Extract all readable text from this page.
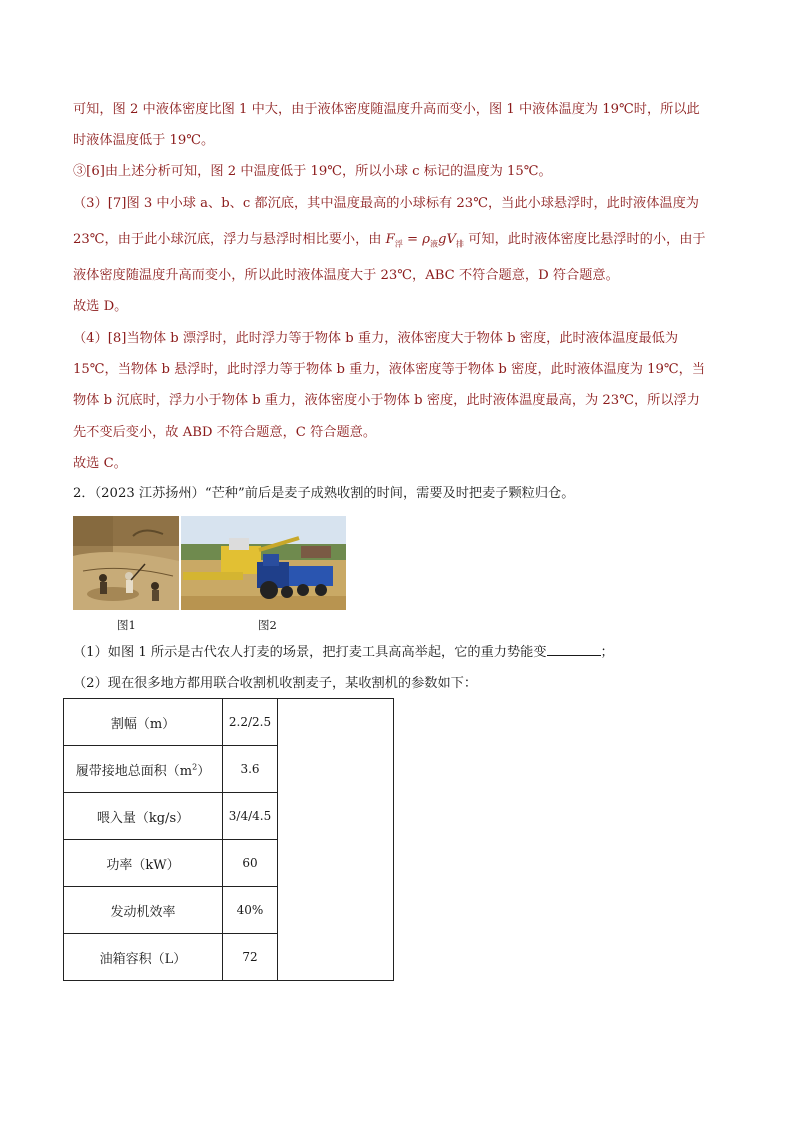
可知，图 2 中液体密度比图 1 中大，由于液体密度随温度升高而变小，图 1 中液体温度为 19℃时，所以此
时液体温度低于 19℃。
③[6]由上述分析可知，图 2 中温度低于 19℃，所以小球 c 标记的温度为 15℃。
（3）[7]图 3 中小球 a、b、c 都沉底，其中温度最高的小球标有 23℃，当此小球悬浮时，此时液体温度为
23℃，由于此小球沉底，浮力与悬浮时相比要小，由 $F_浮 = \rho_液gV_排$ 可知，此时液体密度比悬浮时的小，由于
液体密度随温度升高而变小，所以此时液体温度大于 23℃，ABC 不符合题意，D 符合题意。
故选 D。
（4）[8]当物体 b 漂浮时，此时浮力等于物体 b 重力，液体密度大于物体 b 密度，此时液体温度最低为
15℃，当物体 b 悬浮时，此时浮力等于物体 b 重力，液体密度等于物体 b 密度，此时液体温度为 19℃，当
物体 b 沉底时，浮力小于物体 b 重力，液体密度小于物体 b 密度，此时液体温度最高，为 23℃，所以浮力
先不变后变小，故 ABD 不符合题意，C 符合题意。
故选 C。
2．（2023 江苏扬州）“芒种”前后是麦子成熟收割的时间，需要及时把麦子颗粒归仓。
图1	图2
（1）如图 1 所示是古代农人打麦的场景，把打麦工具高高举起，它的重力势能变	；
（2）现在很多地方都用联合收割机收割麦子，某收割机的参数如下：
割幅（m）	2.2/2.5	
履带接地总面积$(m^2)$	3.6	
喂入量（kg/s）	3/4/4.5	
功率（kW）	60	
发动机效率	40%	
油箱容积（L）	72	
